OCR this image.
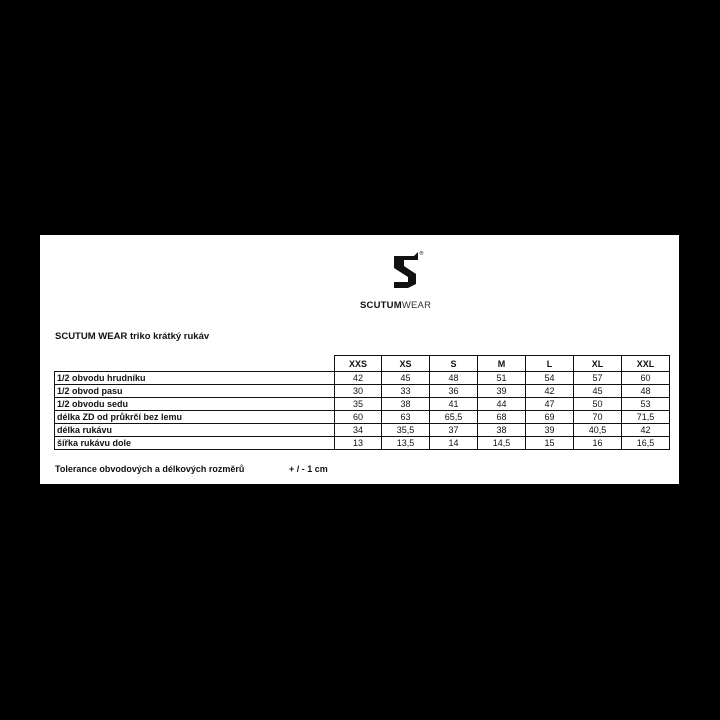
®
SCUTUMWEAR
SCUTUM WEAR triko krátký rukáv
	XXS	XS	S	M	L	XL	XXL
1/2 obvodu hrudníku	42	45	48	51	54	57	60
1/2 obvod pasu	30	33	36	39	42	45	48
1/2 obvodu sedu	35	38	41	44	47	50	53
délka ZD od průkrčí bez lemu	60	63	65,5	68	69	70	71,5
délka rukávu	34	35,5	37	38	39	40,5	42
šířka rukávu dole	13	13,5	14	14,5	15	16	16,5
Tolerance obvodových a délkových rozměrů	+ / - 1 cm
